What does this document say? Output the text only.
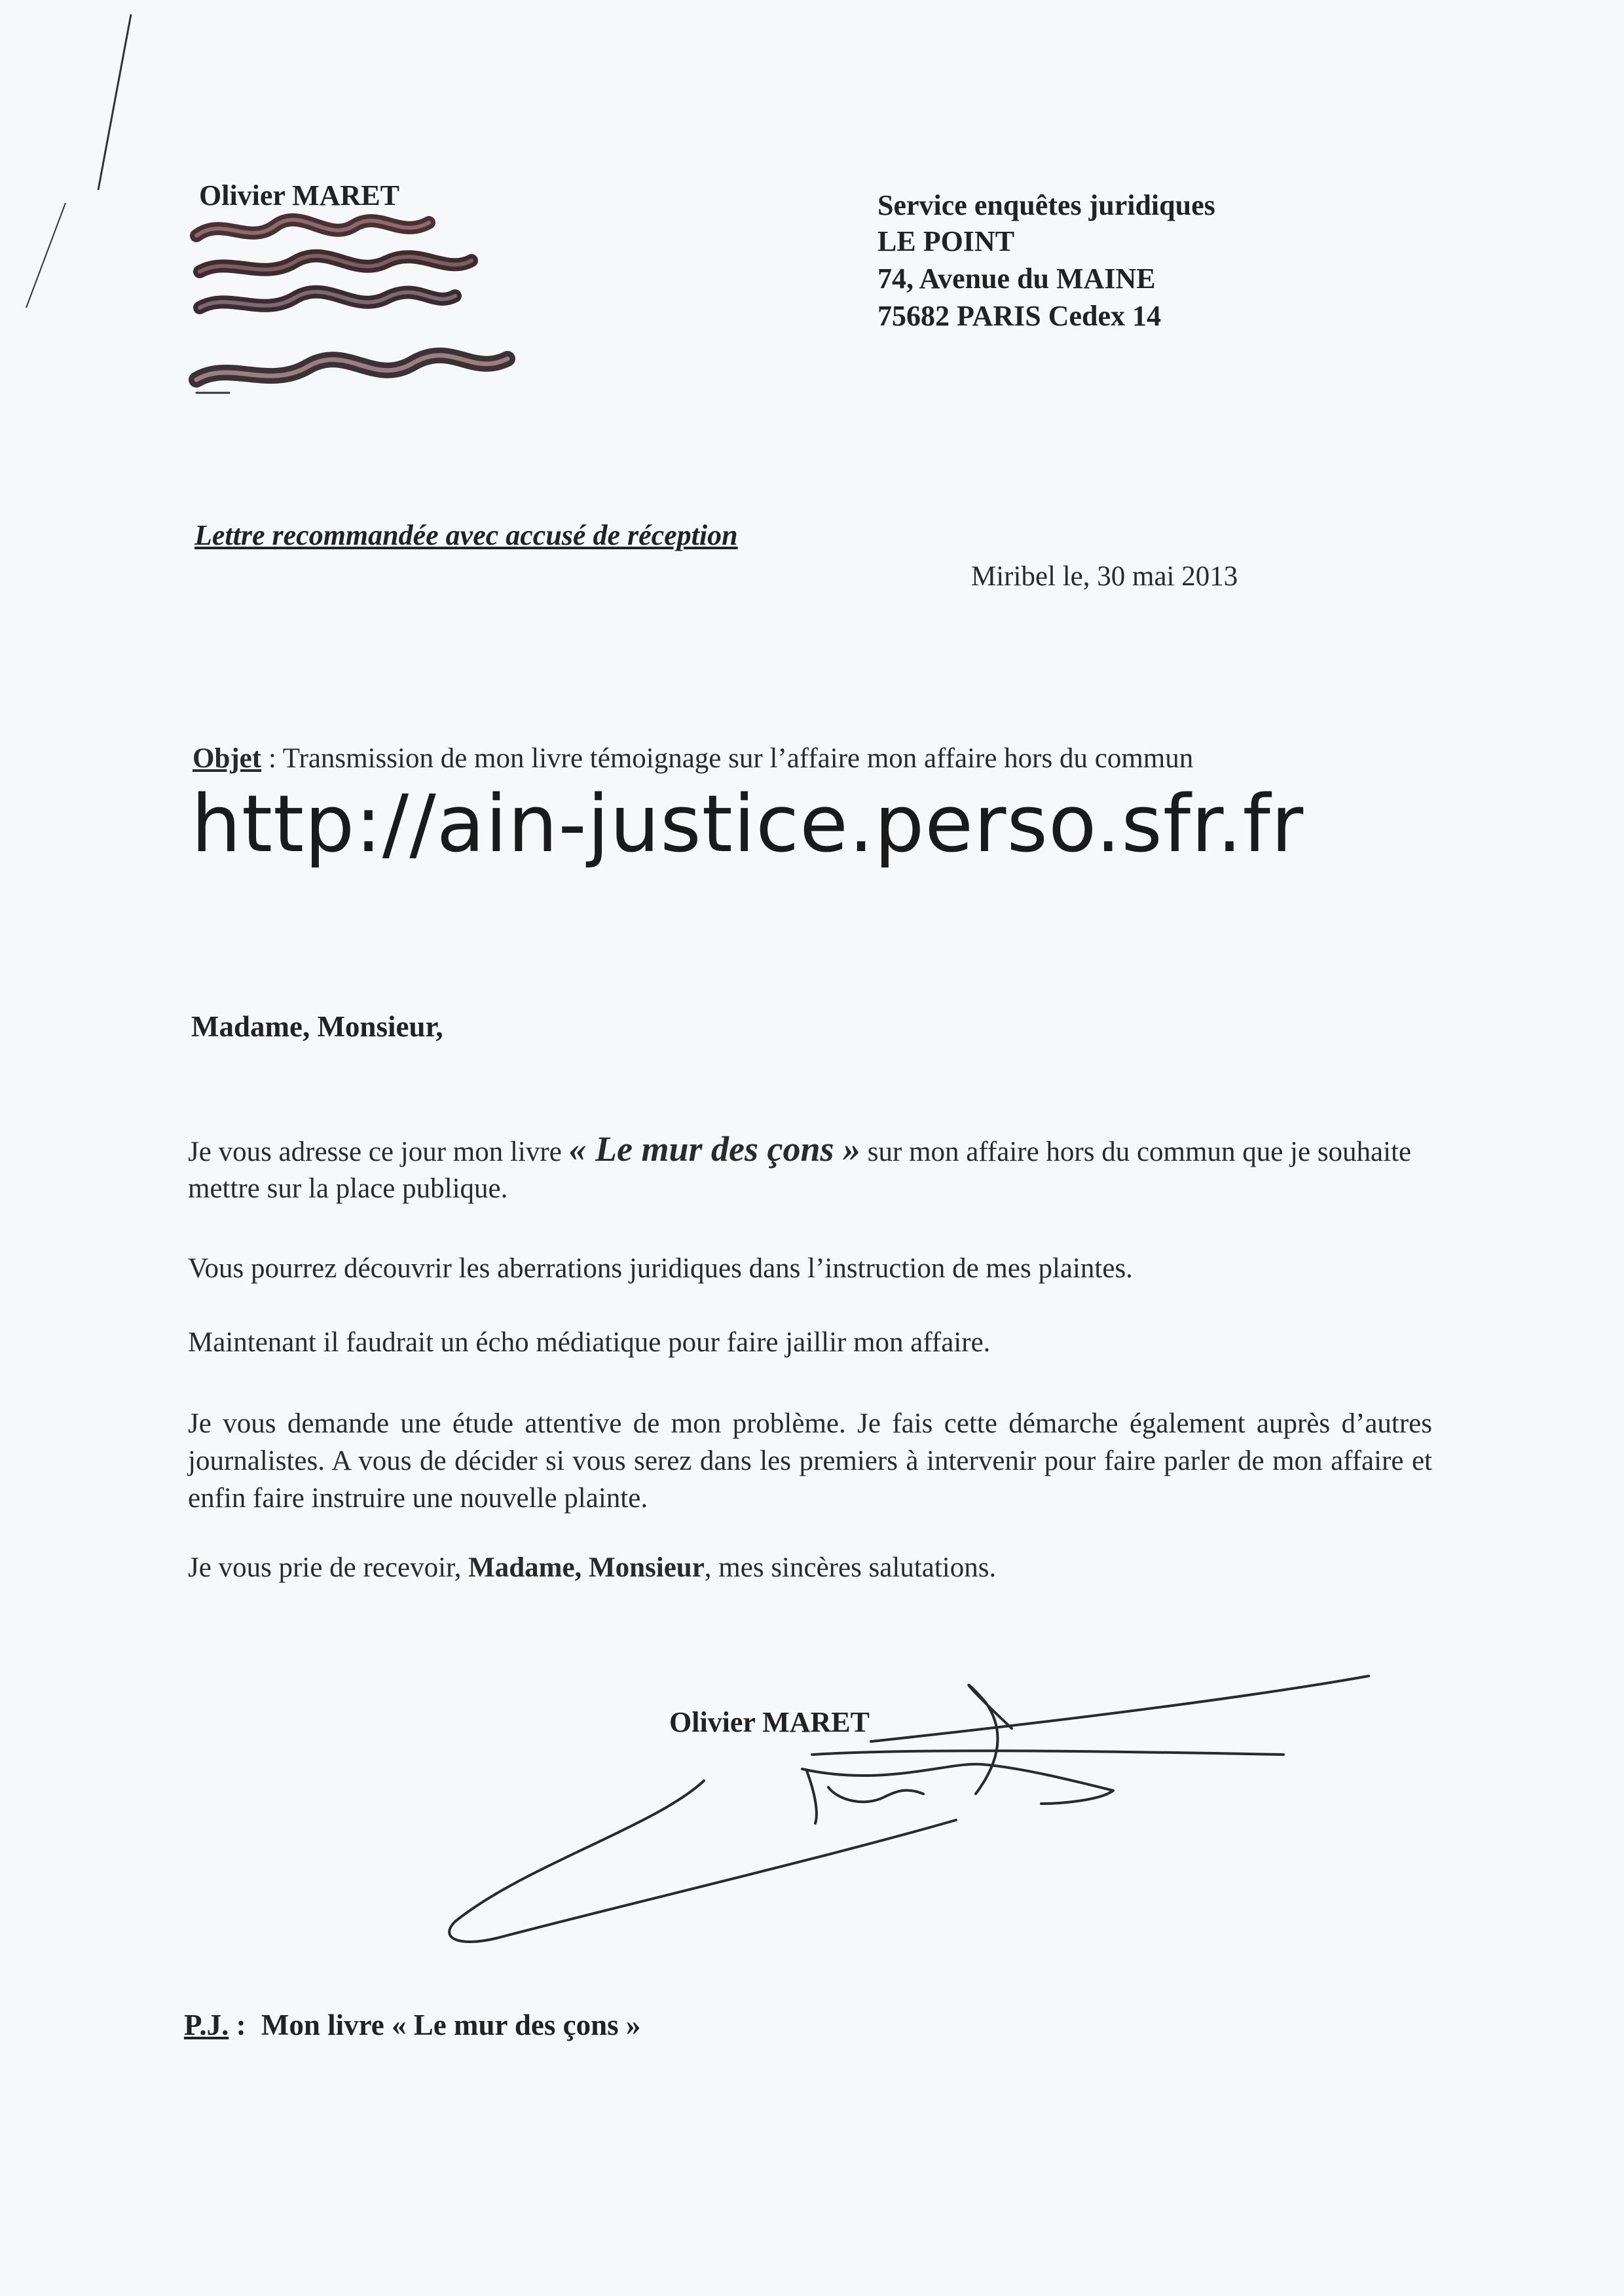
Olivier MARET	Service enquêtes juridiques
LE POINT
74, Avenue du MAINE
75682 PARIS Cedex 14
Lettre recommandée avec accusé de réception
Miribel le, 30 mai 2013
Objet : Transmission de mon livre témoignage sur l’affaire mon affaire hors du commun
http://ain-justice.perso.sfr.fr
Madame, Monsieur,
Je vous adresse ce jour mon livre « Le mur des çons » sur mon affaire hors du commun que je souhaite mettre sur la place publique.
Vous pourrez découvrir les aberrations juridiques dans l’instruction de mes plaintes.
Maintenant il faudrait un écho médiatique pour faire jaillir mon affaire.
Je vous demande une étude attentive de mon problème. Je fais cette démarche également auprès d’autres journalistes. A vous de décider si vous serez dans les premiers à intervenir pour faire parler de mon affaire et enfin faire instruire une nouvelle plainte.
Je vous prie de recevoir, Madame, Monsieur, mes sincères salutations.
Olivier MARET
P.J. : Mon livre « Le mur des çons »
